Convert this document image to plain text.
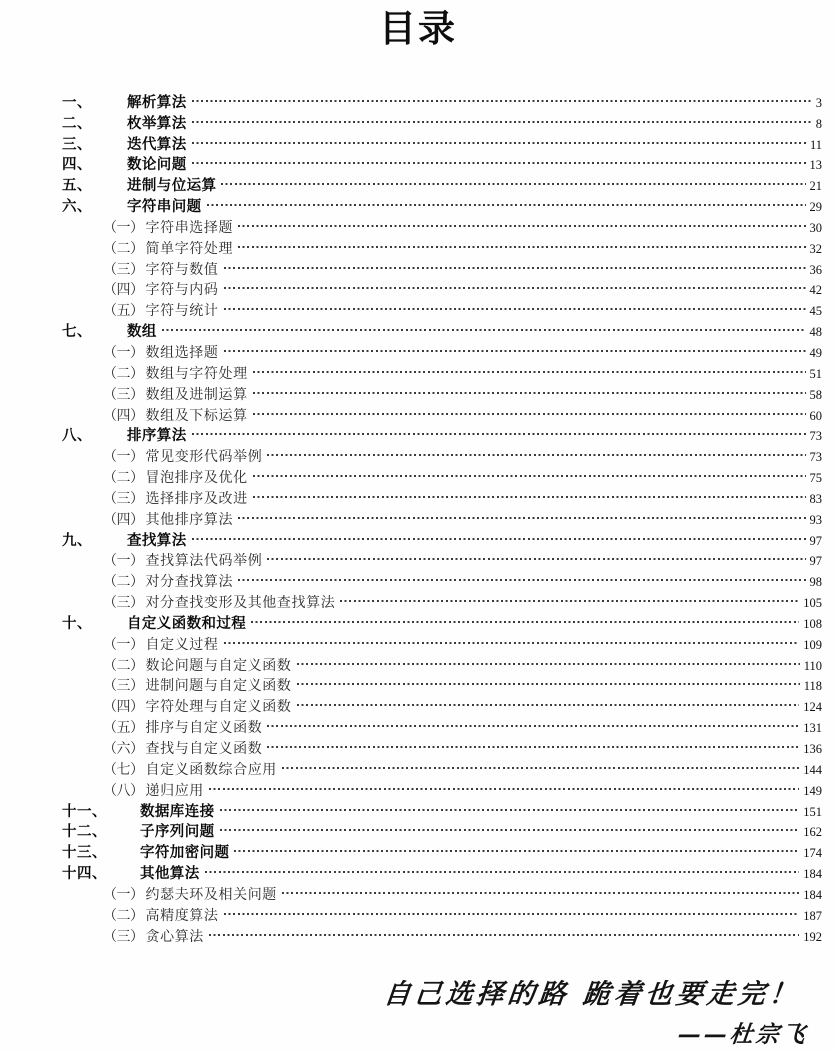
目录
一、	解析算法	3
二、	枚举算法	8
三、	迭代算法	11
四、	数论问题	13
五、	进制与位运算	21
六、	字符串问题	29
（一） 字符串选择题	30
（二） 简单字符处理	32
（三） 字符与数值	36
（四） 字符与内码	42
（五） 字符与统计	45
七、	数组	48
（一） 数组选择题	49
（二） 数组与字符处理	51
（三） 数组及进制运算	58
（四） 数组及下标运算	60
八、	排序算法	73
（一） 常见变形代码举例	73
（二） 冒泡排序及优化	75
（三） 选择排序及改进	83
（四） 其他排序算法	93
九、	查找算法	97
（一） 查找算法代码举例	97
（二） 对分查找算法	98
（三） 对分查找变形及其他查找算法	105
十、	自定义函数和过程	108
（一） 自定义过程	109
（二） 数论问题与自定义函数	110
（三） 进制问题与自定义函数	118
（四） 字符处理与自定义函数	124
（五） 排序与自定义函数	131
（六） 查找与自定义函数	136
（七） 自定义函数综合应用	144
（八） 递归应用	149
十一、	数据库连接	151
十二、	子序列问题	162
十三、	字符加密问题	174
十四、	其他算法	184
（一） 约瑟夫环及相关问题	184
（二） 高精度算法	187
（三） 贪心算法	192
自己选择的路 跪着也要走完！
——杜宗飞
